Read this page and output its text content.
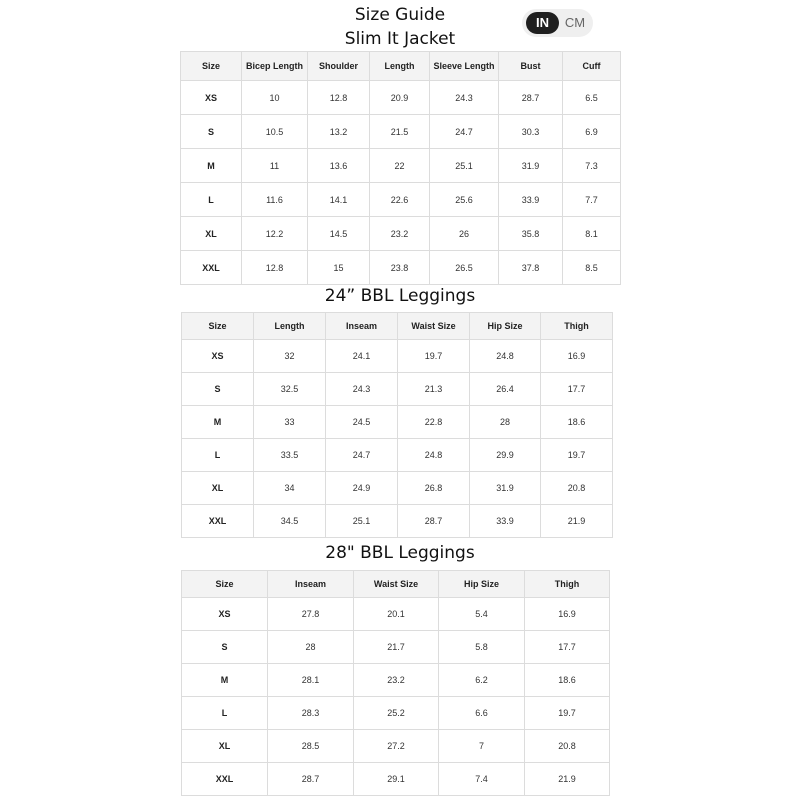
Size Guide	IN	CM
Slim It Jacket
Size	Bicep Length	Shoulder	Length	Sleeve Length	Bust	Cuff
XS	10	12.8	20.9	24.3	28.7	6.5
S	10.5	13.2	21.5	24.7	30.3	6.9
M	11	13.6	22	25.1	31.9	7.3
L	11.6	14.1	22.6	25.6	33.9	7.7
XL	12.2	14.5	23.2	26	35.8	8.1
XXL	12.8	15	23.8	26.5	37.8	8.5
24” BBL Leggings
Size	Length	Inseam	Waist Size	Hip Size	Thigh
XS	32	24.1	19.7	24.8	16.9
S	32.5	24.3	21.3	26.4	17.7
M	33	24.5	22.8	28	18.6
L	33.5	24.7	24.8	29.9	19.7
XL	34	24.9	26.8	31.9	20.8
XXL	34.5	25.1	28.7	33.9	21.9
28" BBL Leggings
Size	Inseam	Waist Size	Hip Size	Thigh
XS	27.8	20.1	5.4	16.9
S	28	21.7	5.8	17.7
M	28.1	23.2	6.2	18.6
L	28.3	25.2	6.6	19.7
XL	28.5	27.2	7	20.8
XXL	28.7	29.1	7.4	21.9
